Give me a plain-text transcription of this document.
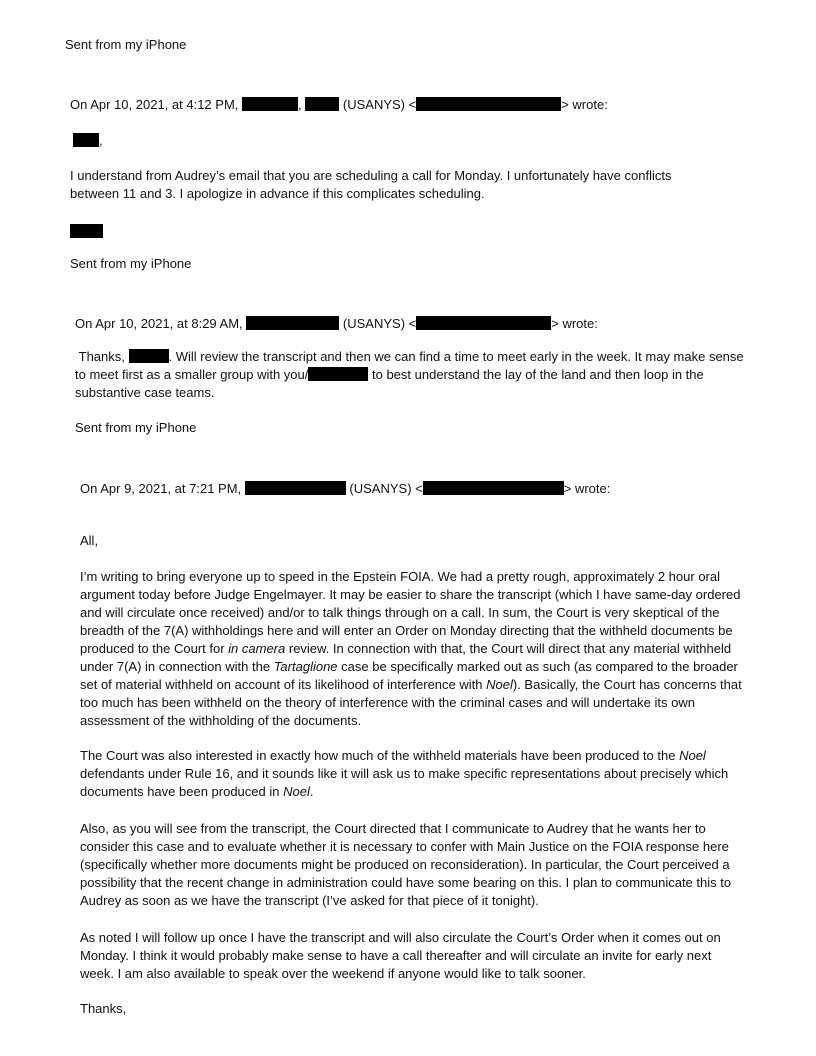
Sent from my iPhone
On Apr 10, 2021, at 4:12 PM,	,	(USANYS) <	> wrote:
,
I understand from Audrey’s email that you are scheduling a call for Monday. I unfortunately have conflicts between 11 and 3. I apologize in advance if this complicates scheduling.
Sent from my iPhone
On Apr 10, 2021, at 8:29 AM,	(USANYS) <	> wrote:
Thanks,	. Will review the transcript and then we can find a time to meet early in the week. It may make sense to meet first as a smaller group with you/	to best understand the lay of the land and then loop in the substantive case teams.
Sent from my iPhone
On Apr 9, 2021, at 7:21 PM,	(USANYS) <	> wrote:
All,
I’m writing to bring everyone up to speed in the Epstein FOIA. We had a pretty rough, approximately 2 hour oral argument today before Judge Engelmayer. It may be easier to share the transcript (which I have same-day ordered and will circulate once received) and/or to talk things through on a call. In sum, the Court is very skeptical of the breadth of the 7(A) withholdings here and will enter an Order on Monday directing that the withheld documents be produced to the Court for in camera review. In connection with that, the Court will direct that any material withheld under 7(A) in connection with the Tartaglione case be specifically marked out as such (as compared to the broader set of material withheld on account of its likelihood of interference with Noel). Basically, the Court has concerns that too much has been withheld on the theory of interference with the criminal cases and will undertake its own assessment of the withholding of the documents.
The Court was also interested in exactly how much of the withheld materials have been produced to the Noel defendants under Rule 16, and it sounds like it will ask us to make specific representations about precisely which documents have been produced in Noel.
Also, as you will see from the transcript, the Court directed that I communicate to Audrey that he wants her to consider this case and to evaluate whether it is necessary to confer with Main Justice on the FOIA response here (specifically whether more documents might be produced on reconsideration). In particular, the Court perceived a possibility that the recent change in administration could have some bearing on this. I plan to communicate this to Audrey as soon as we have the transcript (I’ve asked for that piece of it tonight).
As noted I will follow up once I have the transcript and will also circulate the Court’s Order when it comes out on Monday. I think it would probably make sense to have a call thereafter and will circulate an invite for early next week. I am also available to speak over the weekend if anyone would like to talk sooner.
Thanks,
